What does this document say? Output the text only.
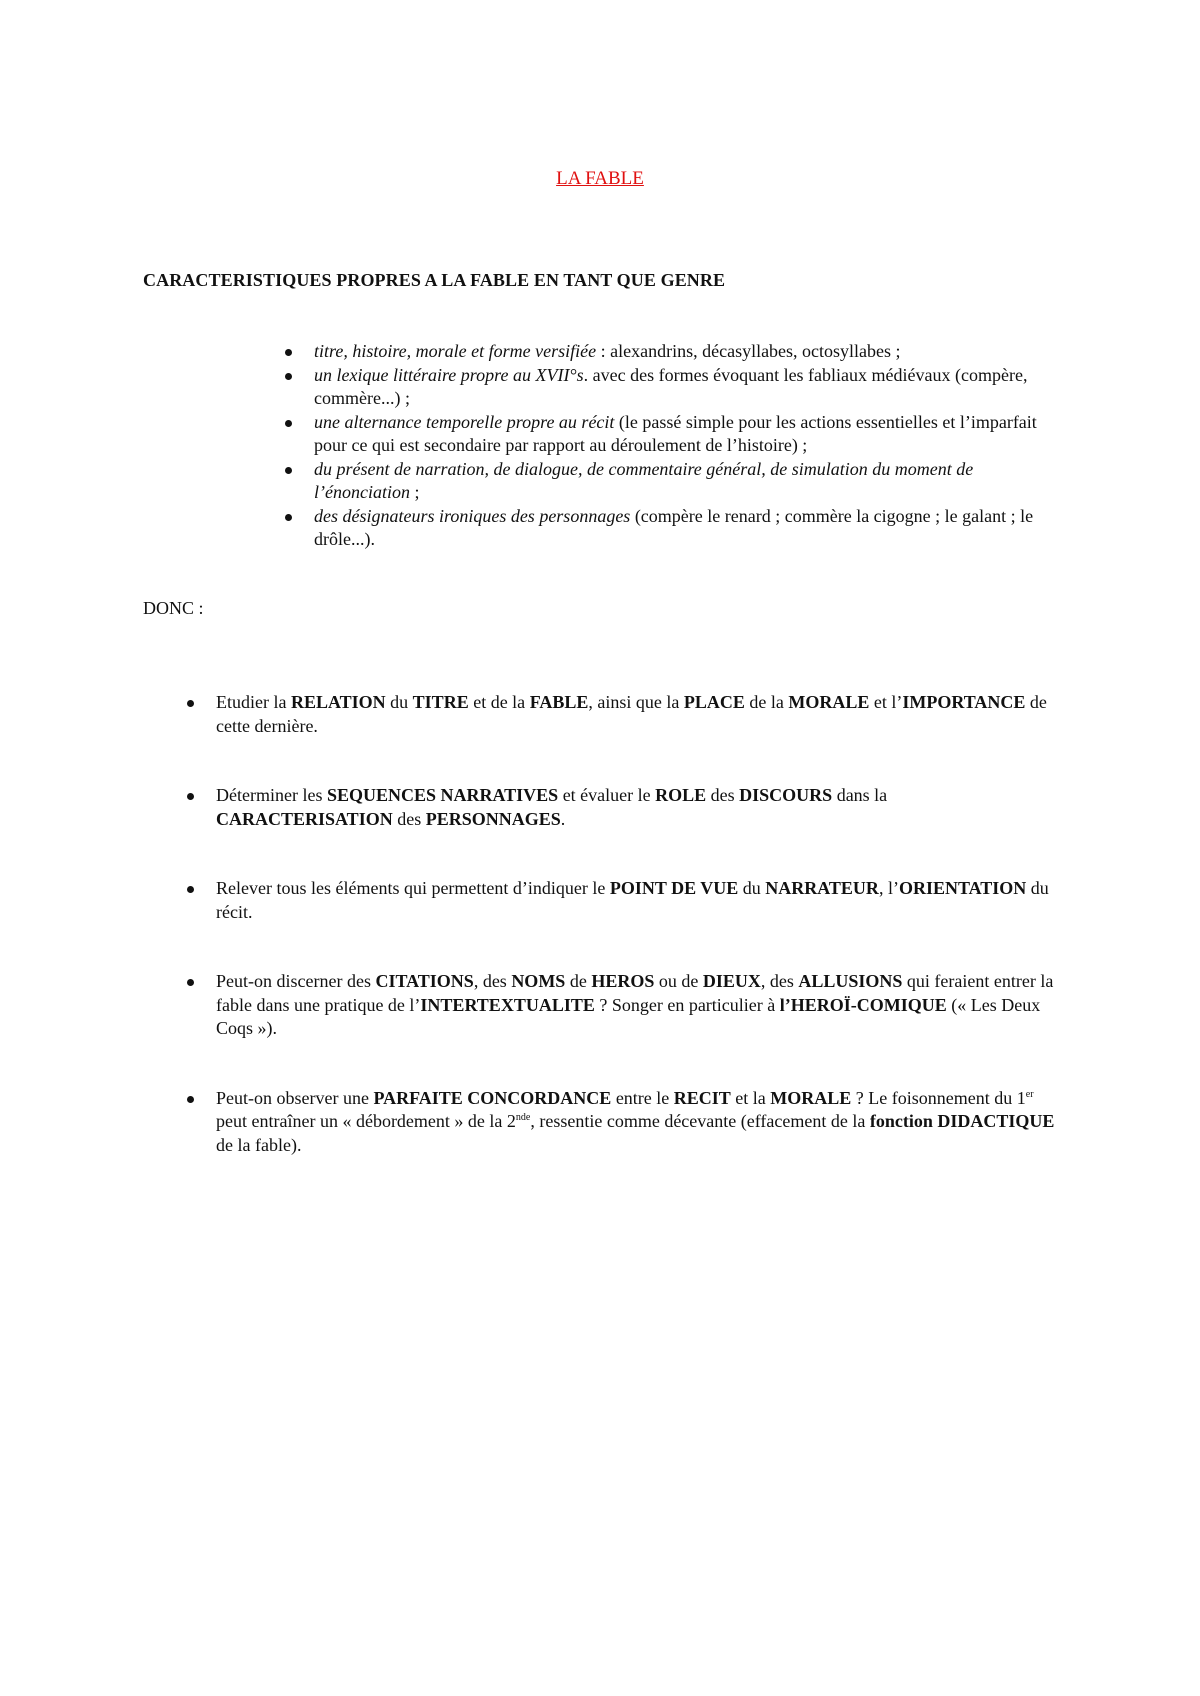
LA FABLE
CARACTERISTIQUES PROPRES A LA FABLE EN TANT QUE GENRE
titre, histoire, morale et forme versifiée : alexandrins, décasyllabes, octosyllabes ;
un lexique littéraire propre au XVII°s. avec des formes évoquant les fabliaux médiévaux (compère, commère...) ;
une alternance temporelle propre au récit (le passé simple pour les actions essentielles et l’imparfait pour ce qui est secondaire par rapport au déroulement de l’histoire) ;
du présent de narration, de dialogue, de commentaire général, de simulation du moment de l’énonciation ;
des désignateurs ironiques des personnages (compère le renard ; commère la cigogne ; le galant ; le drôle...).
DONC :
Etudier la RELATION du TITRE et de la FABLE, ainsi que la PLACE de la MORALE et l’IMPORTANCE de cette dernière.
Déterminer les SEQUENCES NARRATIVES et évaluer le ROLE des DISCOURS dans la CARACTERISATION des PERSONNAGES.
Relever tous les éléments qui permettent d’indiquer le POINT DE VUE du NARRATEUR, l’ORIENTATION du récit.
Peut-on discerner des CITATIONS, des NOMS de HEROS ou de DIEUX, des ALLUSIONS qui feraient entrer la fable dans une pratique de l’INTERTEXTUALITE ? Songer en particulier à l’HEROÏ-COMIQUE (« Les Deux Coqs »).
Peut-on observer une PARFAITE CONCORDANCE entre le RECIT et la MORALE ? Le foisonnement du 1er peut entraîner un « débordement » de la 2nde, ressentie comme décevante (effacement de la fonction DIDACTIQUE de la fable).
